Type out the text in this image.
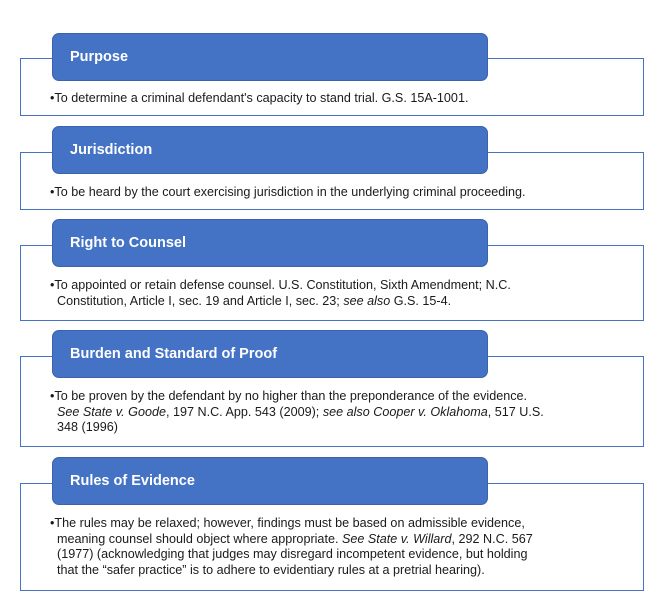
•To determine a criminal defendant's capacity to stand trial. G.S. 15A-1001.
Purpose
•To be heard by the court exercising jurisdiction in the underlying criminal proceeding.
Jurisdiction
•To appointed or retain defense counsel. U.S. Constitution, Sixth Amendment; N.C.
Constitution, Article I, sec. 19 and Article I, sec. 23; see also G.S. 15-4.
Right to Counsel
•To be proven by the defendant by no higher than the preponderance of the evidence.
See State v. Goode, 197 N.C. App. 543 (2009); see also Cooper v. Oklahoma, 517 U.S.
348 (1996)
Burden and Standard of Proof
•The rules may be relaxed; however, findings must be based on admissible evidence,
meaning counsel should object where appropriate. See State v. Willard, 292 N.C. 567
(1977) (acknowledging that judges may disregard incompetent evidence, but holding
that the “safer practice” is to adhere to evidentiary rules at a pretrial hearing).
Rules of Evidence
